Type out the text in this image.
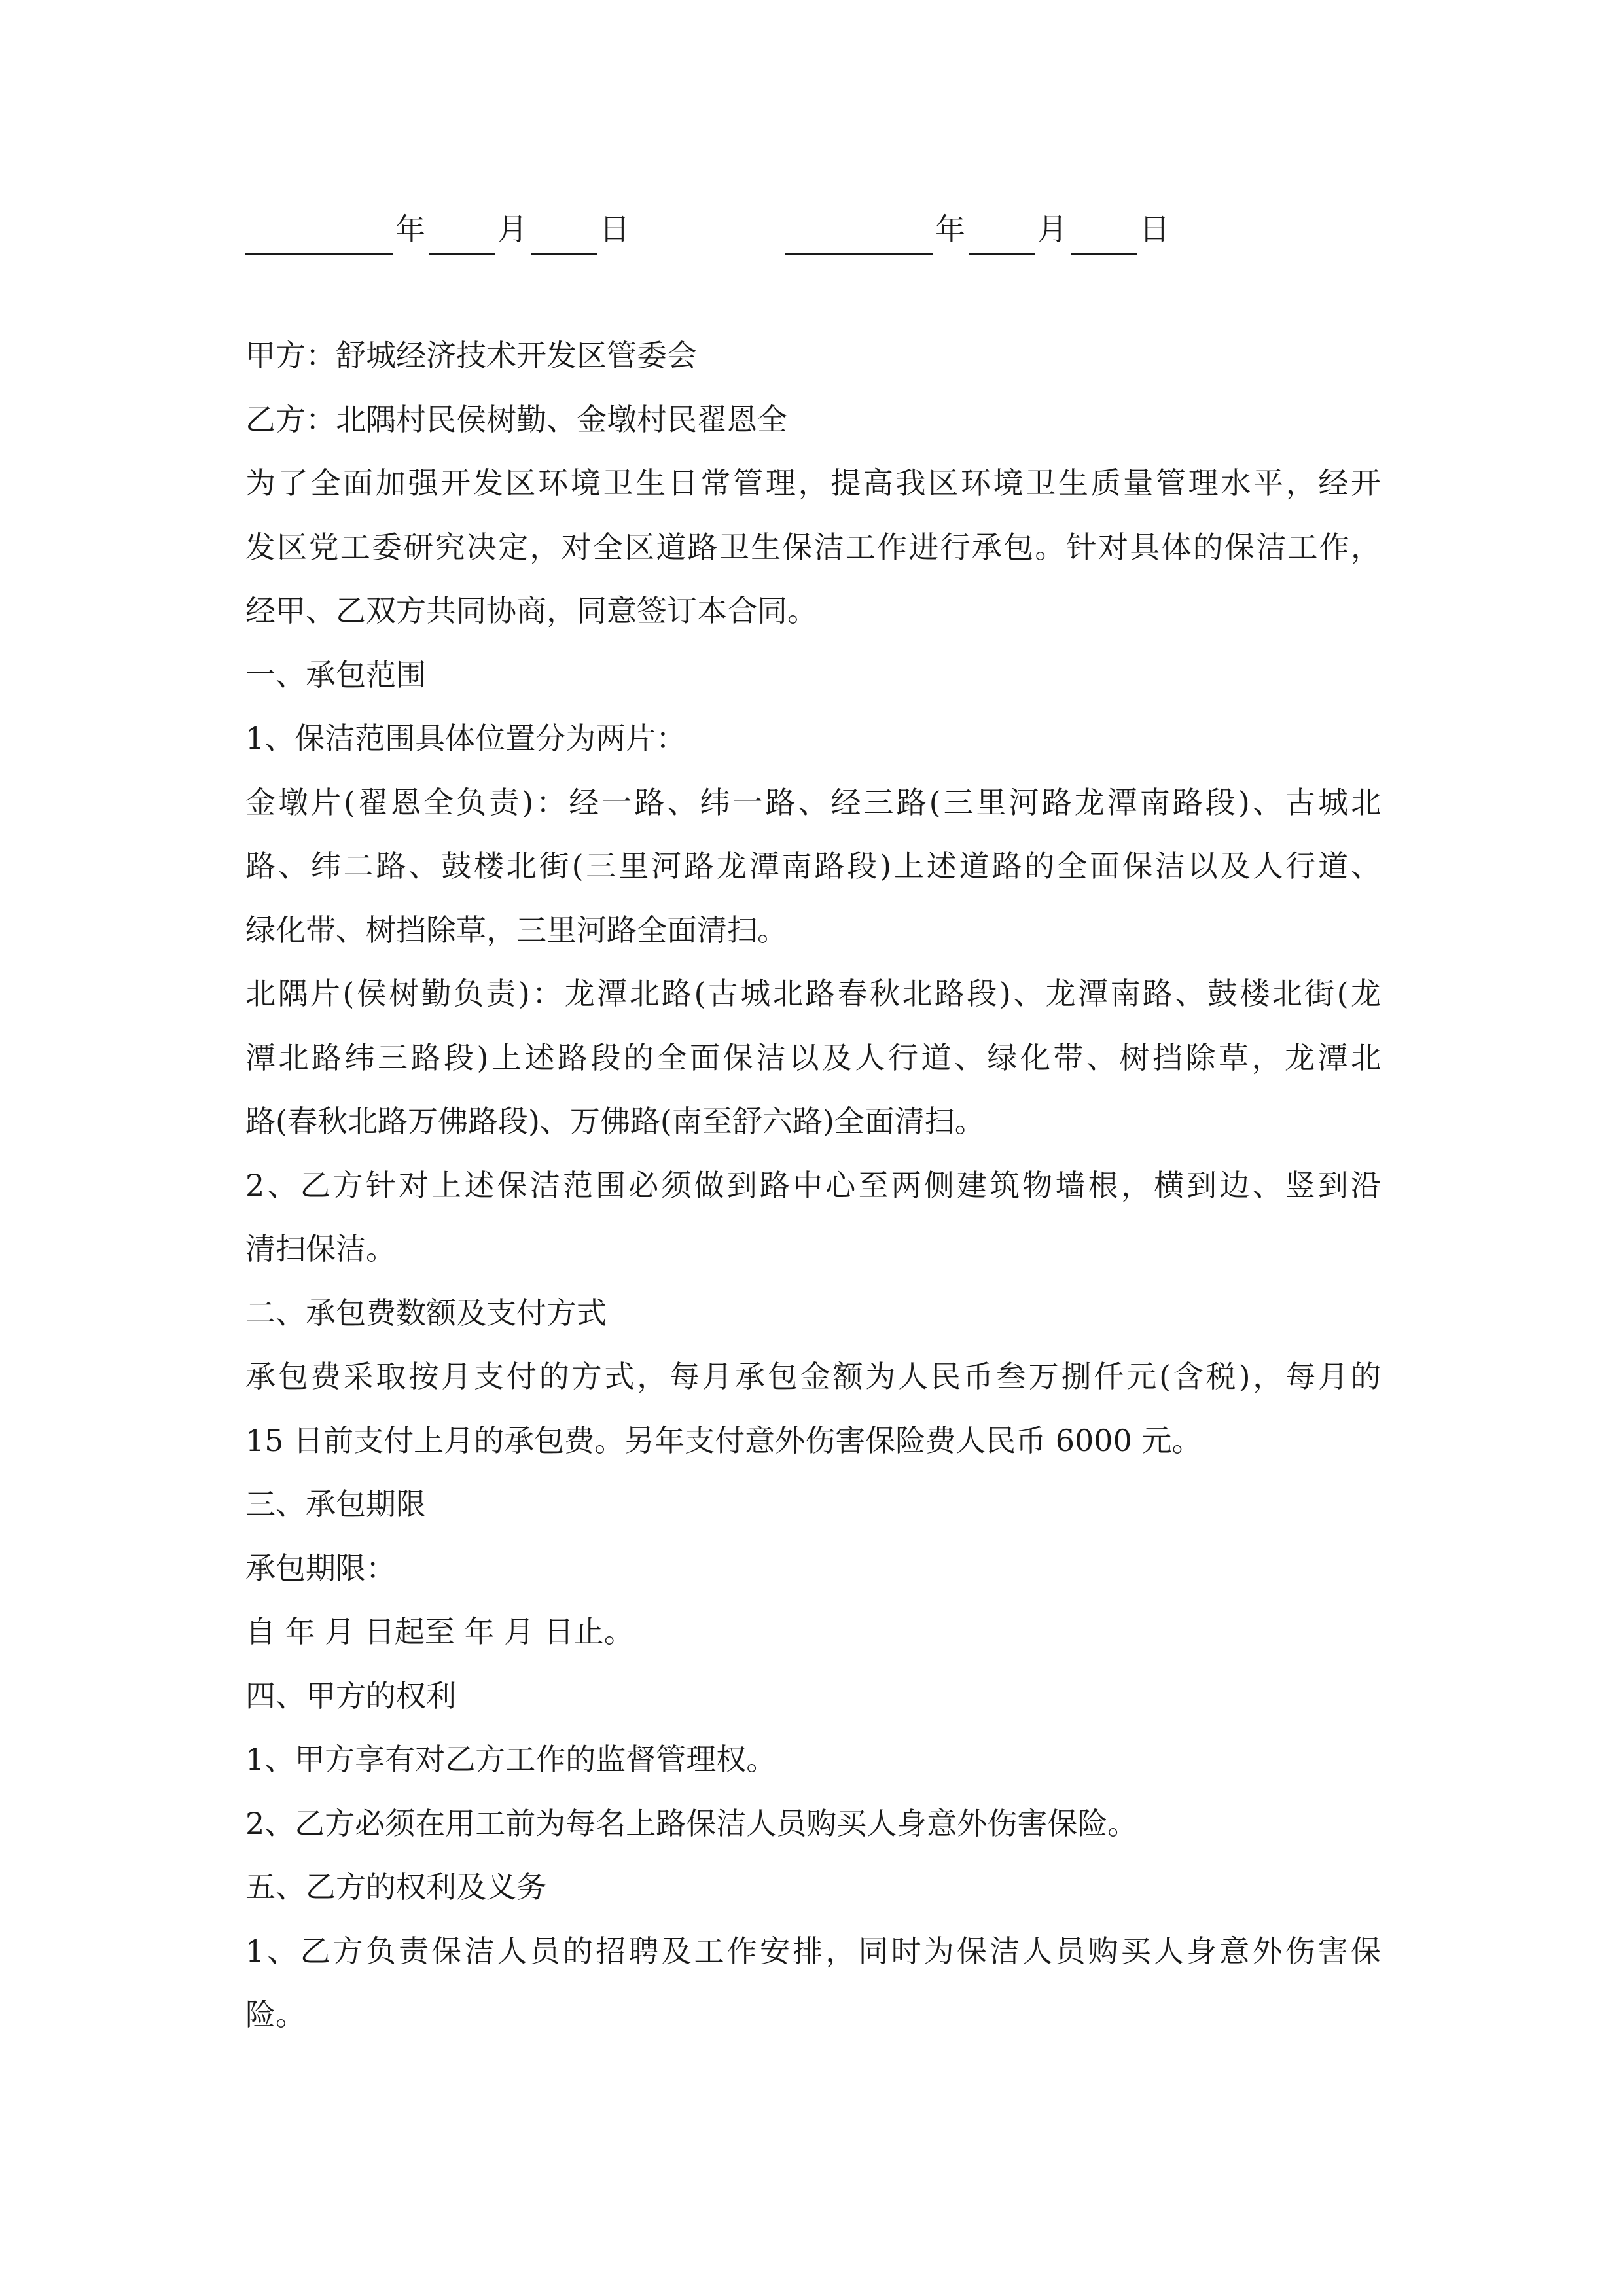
年 月 日	年 月 日
甲方：舒城经济技术开发区管委会
乙方：北隅村民侯树勤、金墩村民翟恩全
为了全面加强开发区环境卫生日常管理，提高我区环境卫生质量管理水平，经开
发区党工委研究决定，对全区道路卫生保洁工作进行承包。针对具体的保洁工作，
经甲、乙双方共同协商，同意签订本合同。
一、承包范围
1、保洁范围具体位置分为两片：
金墩片(翟恩全负责)：经一路、纬一路、经三路(三里河路龙潭南路段)、古城北
路、纬二路、鼓楼北街(三里河路龙潭南路段)上述道路的全面保洁以及人行道、
绿化带、树挡除草，三里河路全面清扫。
北隅片(侯树勤负责)：龙潭北路(古城北路春秋北路段)、龙潭南路、鼓楼北街(龙
潭北路纬三路段)上述路段的全面保洁以及人行道、绿化带、树挡除草，龙潭北
路(春秋北路万佛路段)、万佛路(南至舒六路)全面清扫。
2、乙方针对上述保洁范围必须做到路中心至两侧建筑物墙根，横到边、竖到沿
清扫保洁。
二、承包费数额及支付方式
承包费采取按月支付的方式，每月承包金额为人民币叁万捌仟元(含税)，每月的
15 日前支付上月的承包费。另年支付意外伤害保险费人民币 6000 元。
三、承包期限
承包期限：
自 年 月 日起至 年 月 日止。
四、甲方的权利
1、甲方享有对乙方工作的监督管理权。
2、乙方必须在用工前为每名上路保洁人员购买人身意外伤害保险。
五、乙方的权利及义务
1、乙方负责保洁人员的招聘及工作安排，同时为保洁人员购买人身意外伤害保
险。
